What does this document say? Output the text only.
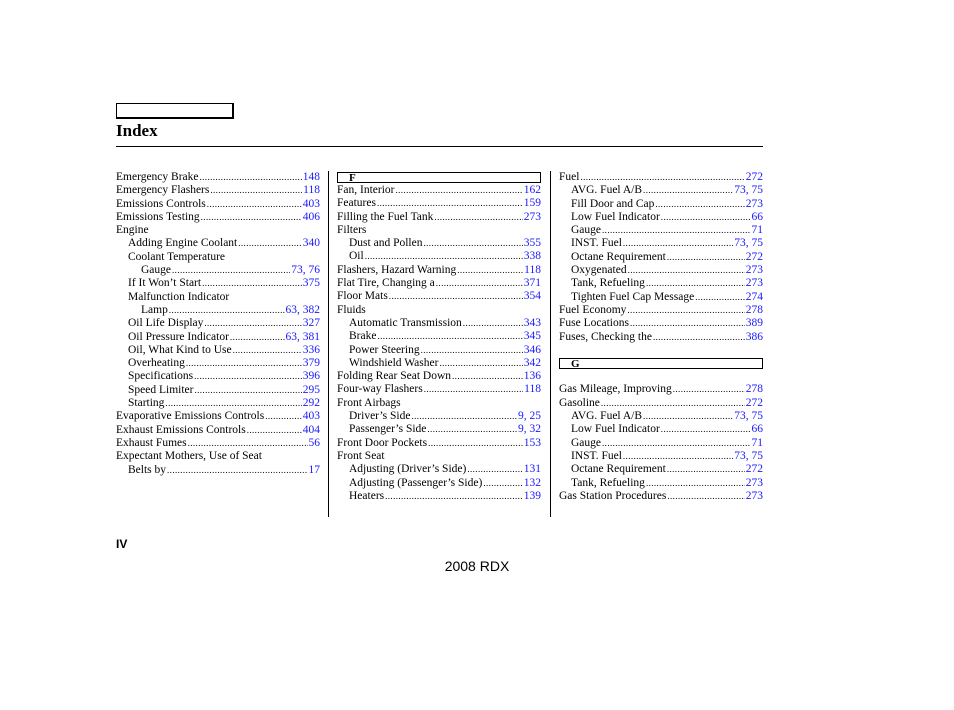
Index
Emergency Brake .....	148
Emergency Flashers .....	118
Emissions Controls .....	403
Emissions Testing .....	406
Engine
Adding Engine Coolant .....	340
Coolant Temperature
Gauge .....	73, 76
If It Won’t Start .....	375
Malfunction Indicator
Lamp .....	63, 382
Oil Life Display .....	327
Oil Pressure Indicator .....	63, 381
Oil, What Kind to Use .....	336
Overheating .....	379
Specifications .....	396
Speed Limiter .....	295
Starting .....	292
Evaporative Emissions Controls .....	403
Exhaust Emissions Controls .....	404
Exhaust Fumes .....	56
Expectant Mothers, Use of Seat
Belts by .....	17
F
Fan, Interior .....	162
Features .....	159
Filling the Fuel Tank .....	273
Filters
Dust and Pollen .....	355
Oil .....	338
Flashers, Hazard Warning .....	118
Flat Tire, Changing a .....	371
Floor Mats .....	354
Fluids
Automatic Transmission .....	343
Brake .....	345
Power Steering .....	346
Windshield Washer .....	342
Folding Rear Seat Down .....	136
Four-way Flashers .....	118
Front Airbags
Driver’s Side .....	9, 25
Passenger’s Side .....	9, 32
Front Door Pockets .....	153
Front Seat
Adjusting (Driver’s Side) .....	131
Adjusting (Passenger’s Side) .....	132
Heaters .....	139
Fuel .....	272
AVG. Fuel A/B .....	73, 75
Fill Door and Cap .....	273
Low Fuel Indicator .....	66
Gauge .....	71
INST. Fuel .....	73, 75
Octane Requirement .....	272
Oxygenated .....	273
Tank, Refueling .....	273
Tighten Fuel Cap Message .....	274
Fuel Economy .....	278
Fuse Locations .....	389
Fuses, Checking the .....	386
G
Gas Mileage, Improving .....	278
Gasoline .....	272
AVG. Fuel A/B .....	73, 75
Low Fuel Indicator .....	66
Gauge .....	71
INST. Fuel .....	73, 75
Octane Requirement .....	272
Tank, Refueling .....	273
Gas Station Procedures .....	273
IV
2008 RDX
